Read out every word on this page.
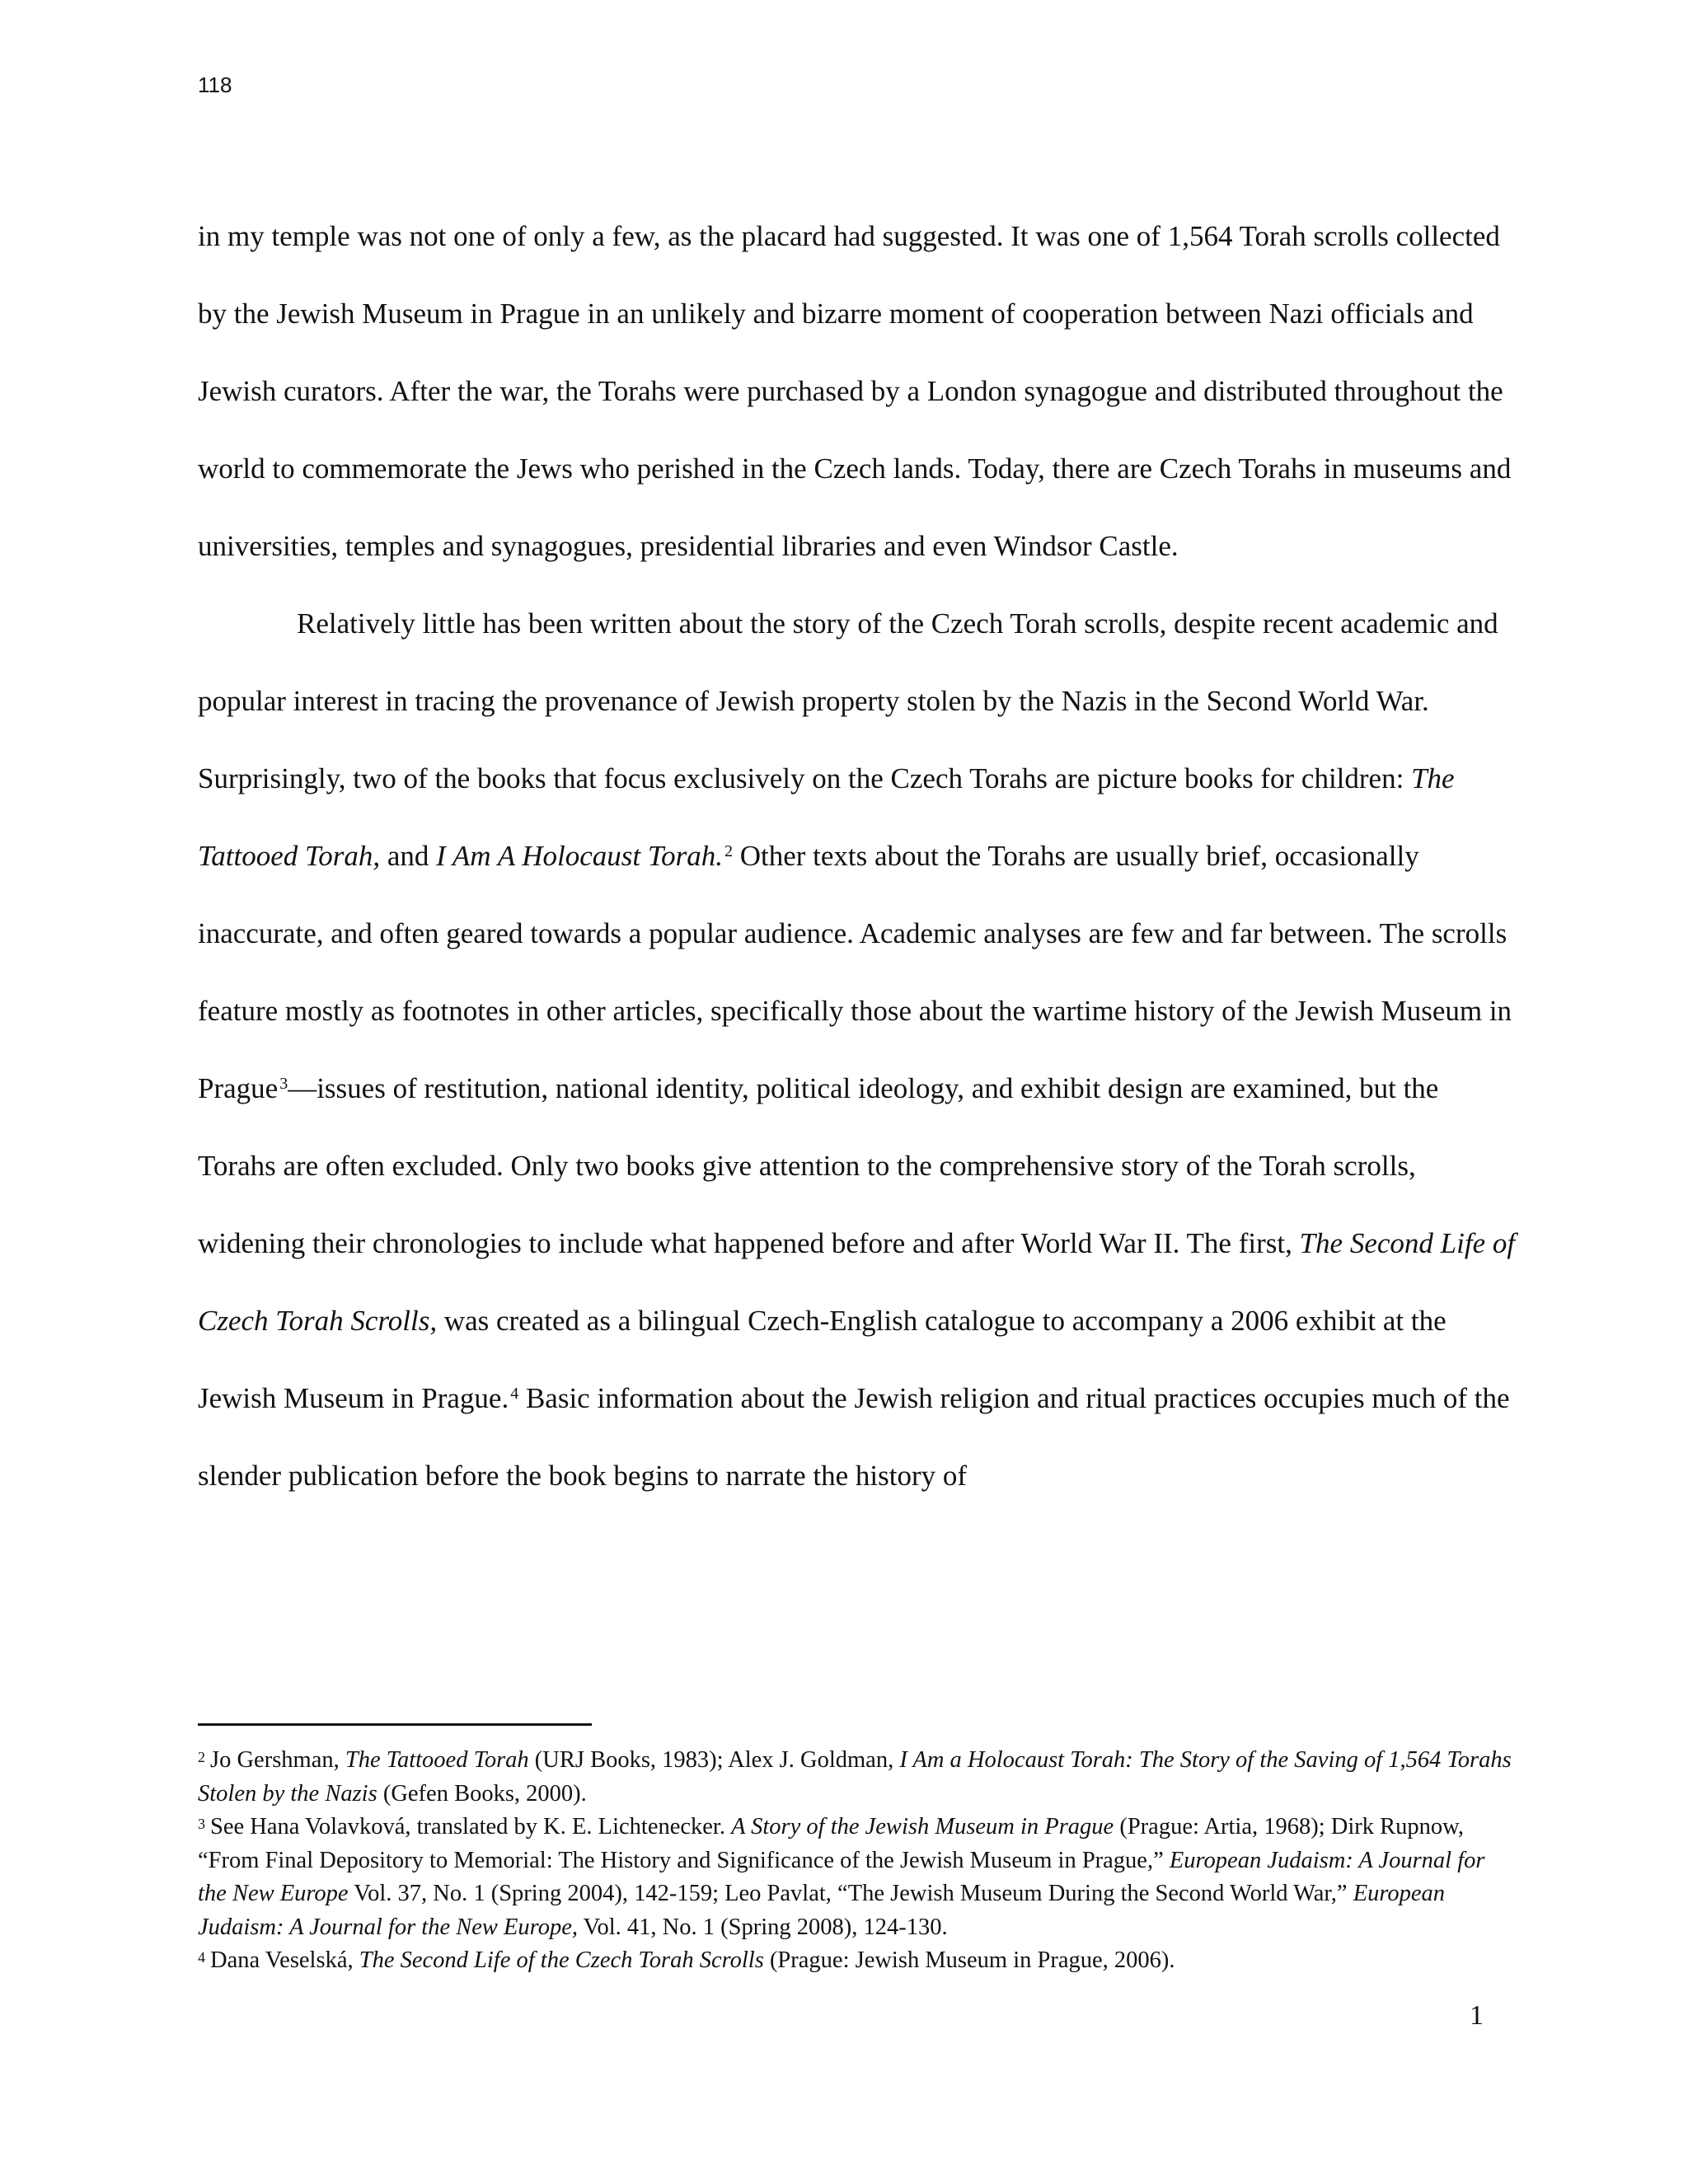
118

in my temple was not one of only a few, as the placard had suggested. It was one of 1,564 Torah scrolls collected by the Jewish Museum in Prague in an unlikely and bizarre moment of cooperation between Nazi officials and Jewish curators. After the war, the Torahs were purchased by a London synagogue and distributed throughout the world to commemorate the Jews who perished in the Czech lands. Today, there are Czech Torahs in museums and universities, temples and synagogues, presidential libraries and even Windsor Castle.

Relatively little has been written about the story of the Czech Torah scrolls, despite recent academic and popular interest in tracing the provenance of Jewish property stolen by the Nazis in the Second World War. Surprisingly, two of the books that focus exclusively on the Czech Torahs are picture books for children: The Tattooed Torah, and I Am A Holocaust Torah. $^2$ Other texts about the Torahs are usually brief, occasionally inaccurate, and often geared towards a popular audience. Academic analyses are few and far between. The scrolls feature mostly as footnotes in other articles, specifically those about the wartime history of the Jewish Museum in Prague $^3$—issues of restitution, national identity, political ideology, and exhibit design are examined, but the Torahs are often excluded. Only two books give attention to the comprehensive story of the Torah scrolls, widening their chronologies to include what happened before and after World War II. The first, The Second Life of Czech Torah Scrolls, was created as a bilingual Czech-English catalogue to accompany a 2006 exhibit at the Jewish Museum in Prague. $^4$ Basic information about the Jewish religion and ritual practices occupies much of the slender publication before the book begins to narrate the history of

$^2$ Jo Gershman, The Tattooed Torah (URJ Books, 1983); Alex J. Goldman, I Am a Holocaust Torah: The Story of the Saving of 1,564 Torahs Stolen by the Nazis (Gefen Books, 2000).

$^3$ See Hana Volavková, translated by K. E. Lichtenecker. A Story of the Jewish Museum in Prague (Prague: Artia, 1968); Dirk Rupnow, “From Final Depository to Memorial: The History and Significance of the Jewish Museum in Prague,” European Judaism: A Journal for the New Europe Vol. 37, No. 1 (Spring 2004), 142-159; Leo Pavlat, “The Jewish Museum During the Second World War,” European Judaism: A Journal for the New Europe, Vol. 41, No. 1 (Spring 2008), 124-130.

$^4$ Dana Veselská, The Second Life of the Czech Torah Scrolls (Prague: Jewish Museum in Prague, 2006).

1
